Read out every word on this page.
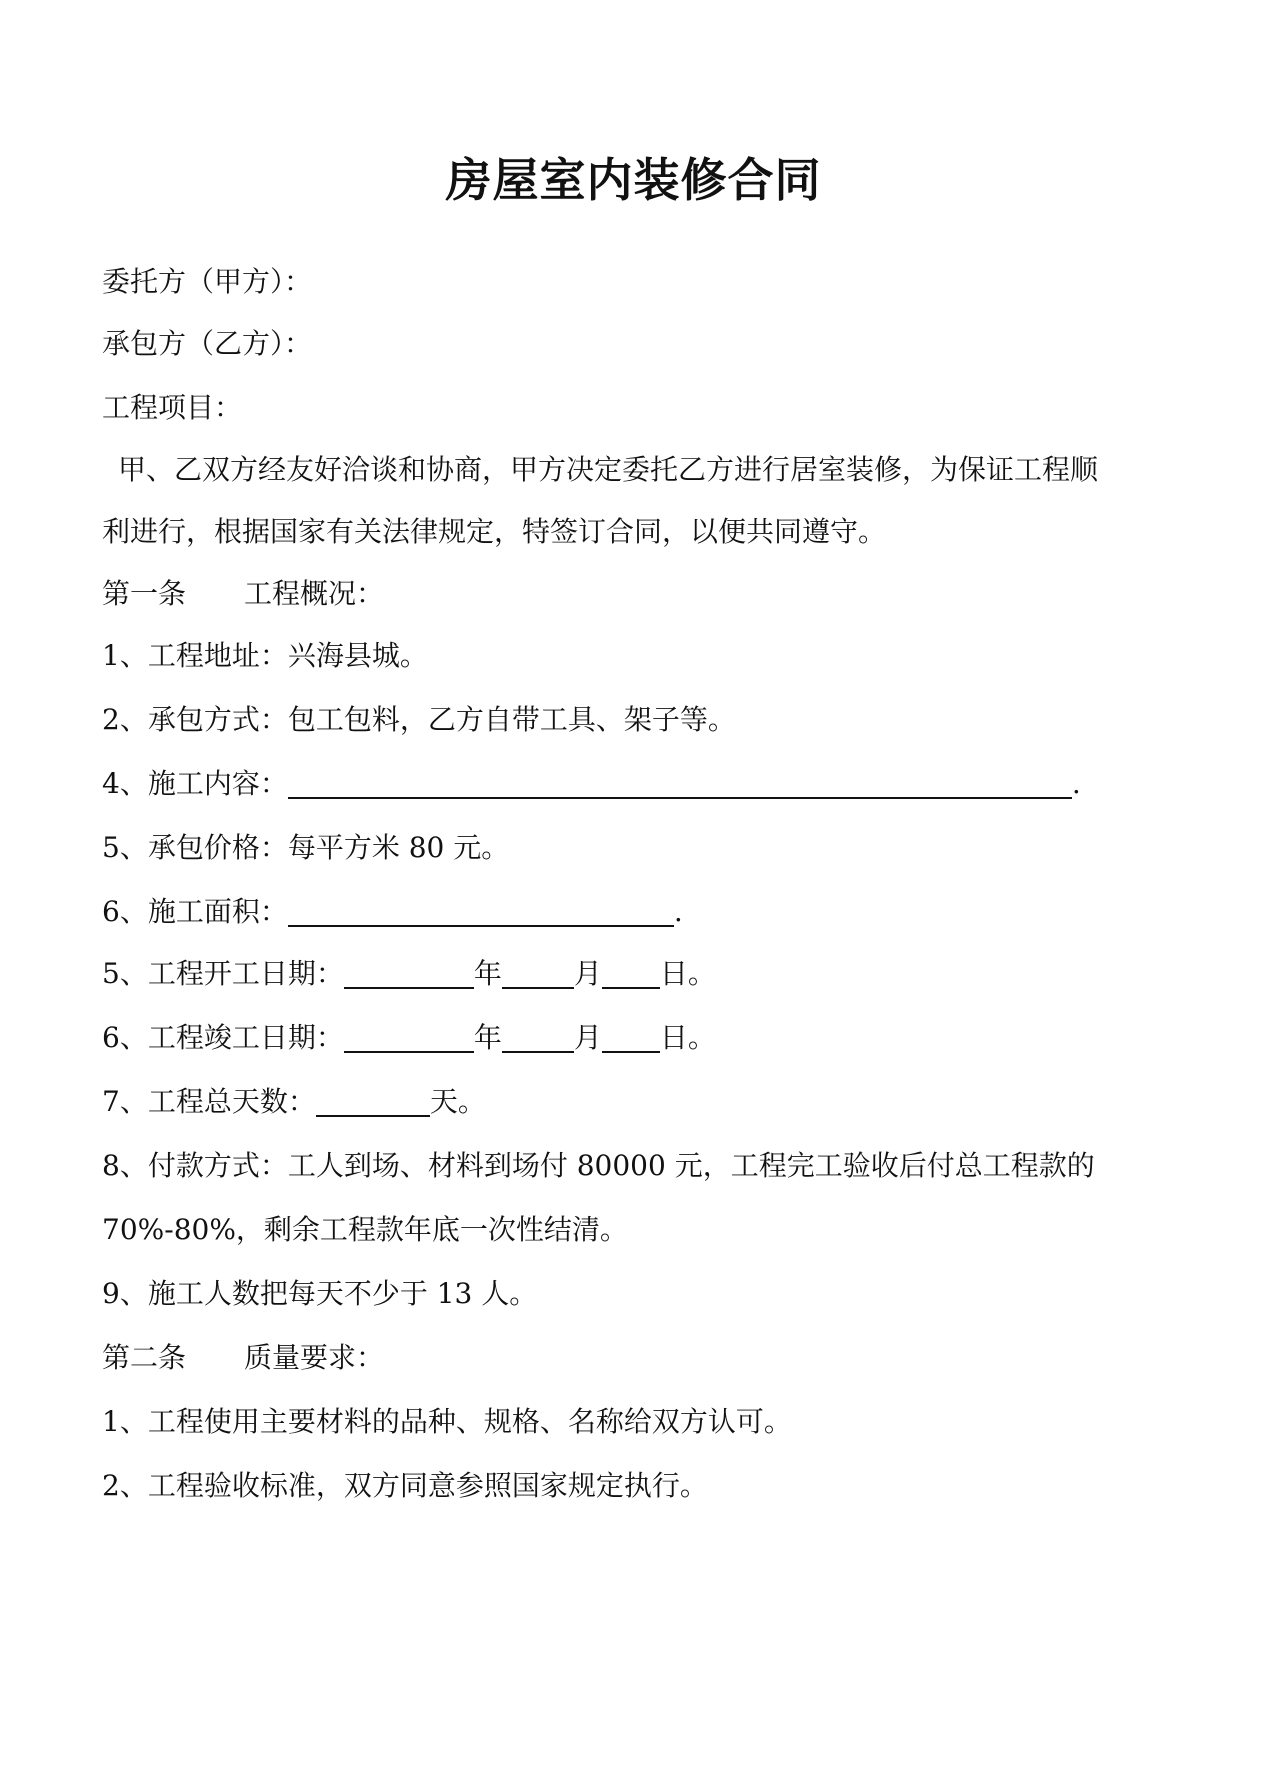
房屋室内装修合同
委托方（甲方）：
承包方（乙方）：
工程项目：
甲、乙双方经友好洽谈和协商，甲方决定委托乙方进行居室装修，为保证工程顺
利进行，根据国家有关法律规定，特签订合同，以便共同遵守。
第一条 工程概况：
1、工程地址：兴海县城。
2、承包方式：包工包料，乙方自带工具、架子等。
4、施工内容：	.
5、承包价格：每平方米 80 元。
6、施工面积：	.
5、工程开工日期：	年	月 日。
6、工程竣工日期：	年	月 日。
7、工程总天数：	天。
8、付款方式：工人到场、材料到场付 80000 元，工程完工验收后付总工程款的
70%-80%，剩余工程款年底一次性结清。
9、施工人数把每天不少于 13 人。
第二条 质量要求：
1、工程使用主要材料的品种、规格、名称给双方认可。
2、工程验收标准，双方同意参照国家规定执行。
